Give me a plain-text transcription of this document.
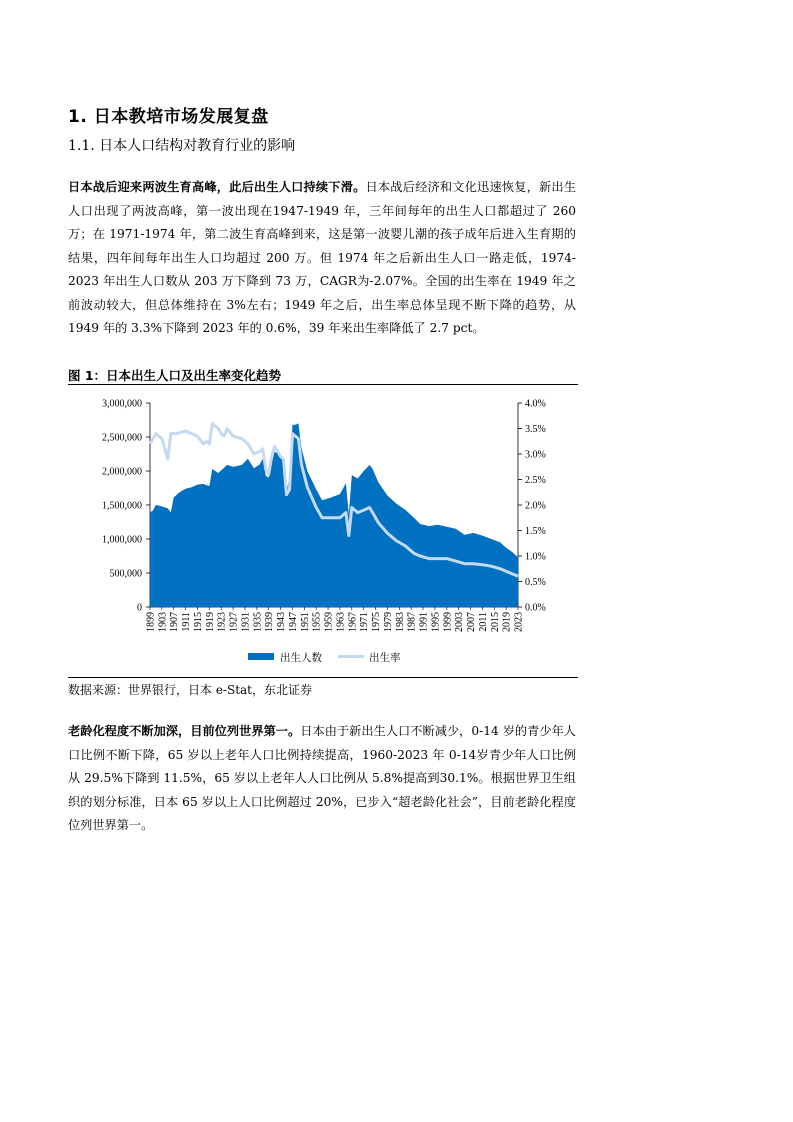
1. 日本教培市场发展复盘
1.1. 日本人口结构对教育行业的影响
日本战后迎来两波生育高峰，此后出生人口持续下滑。日本战后经济和文化迅速恢复，新出生人口出现了两波高峰，第一波出现在1947-1949 年，三年间每年的出生人口都超过了 260 万；在 1971-1974 年，第二波生育高峰到来，这是第一波婴儿潮的孩子成年后进入生育期的结果，四年间每年出生人口均超过 200 万。但 1974 年之后新出生人口一路走低，1974-2023 年出生人口数从 203 万下降到 73 万，CAGR为-2.07%。全国的出生率在 1949 年之前波动较大，但总体维持在 3%左右；1949 年之后，出生率总体呈现不断下降的趋势，从 1949 年的 3.3%下降到 2023 年的 0.6%，39 年来出生率降低了 2.7 pct。
图 1：日本出生人口及出生率变化趋势
0
500,000
1,000,000
1,500,000
2,000,000
2,500,000
3,000,000
0.0%
0.5%
1.0%
1.5%
2.0%
2.5%
3.0%
3.5%
4.0%
1899 1903 1907 1911 1915 1919 1923 1927 1931 1935 1939 1943 1947 1951 1955 1959 1963 1967 1971 1975 1979 1983 1987 1991 1995 1999 2003 2007 2011 2015 2019 2023
出生人数	出生率
数据来源：世界银行，日本 e-Stat，东北证券
老龄化程度不断加深，目前位列世界第一。日本由于新出生人口不断减少，0-14 岁的青少年人口比例不断下降，65 岁以上老年人口比例持续提高，1960-2023 年 0-14岁青少年人口比例从 29.5%下降到 11.5%，65 岁以上老年人人口比例从 5.8%提高到30.1%。根据世界卫生组织的划分标准，日本 65 岁以上人口比例超过 20%，已步入“超老龄化社会”，目前老龄化程度位列世界第一。
